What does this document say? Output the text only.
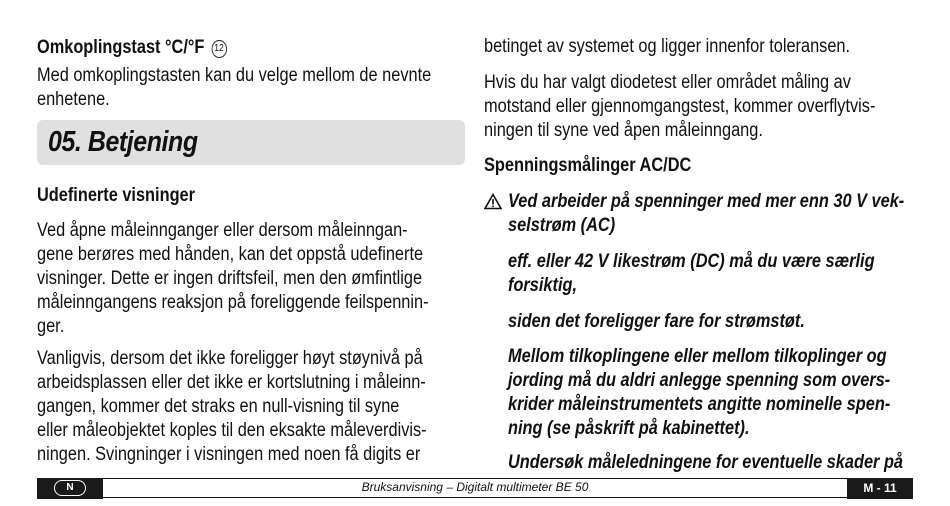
Omkoplingstast °C/°F 12
Med omkoplingstasten kan du velge mellom de nevnte
enhetene.
05. Betjening
Udefinerte visninger
Ved åpne måleinnganger eller dersom måleinngan-
gene berøres med hånden, kan det oppstå udefinerte
visninger. Dette er ingen driftsfeil, men den ømfintlige
måleinngangens reaksjon på foreliggende feilspennin-
ger.
Vanligvis, dersom det ikke foreligger høyt støynivå på
arbeidsplassen eller det ikke er kortslutning i måleinn-
gangen, kommer det straks en null-visning til syne
eller måleobjektet koples til den eksakte måleverdivis-
ningen. Svingninger i visningen med noen få digits er
betinget av systemet og ligger innenfor toleransen.
Hvis du har valgt diodetest eller området måling av
motstand eller gjennomgangstest, kommer overflytvis-
ningen til syne ved åpen måleinngang.
Spenningsmålinger AC/DC
Ved arbeider på spenninger med mer enn 30 V vek-
selstrøm (AC)
eff. eller 42 V likestrøm (DC) må du være særlig
forsiktig,
siden det foreligger fare for strømstøt.
Mellom tilkoplingene eller mellom tilkoplinger og
jording må du aldri anlegge spenning som overs-
krider måleinstrumentets angitte nominelle spen-
ning (se påskrift på kabinettet).
Undersøk måleledningene for eventuelle skader på
N	Bruksanvisning – Digitalt multimeter BE 50	M - 11
